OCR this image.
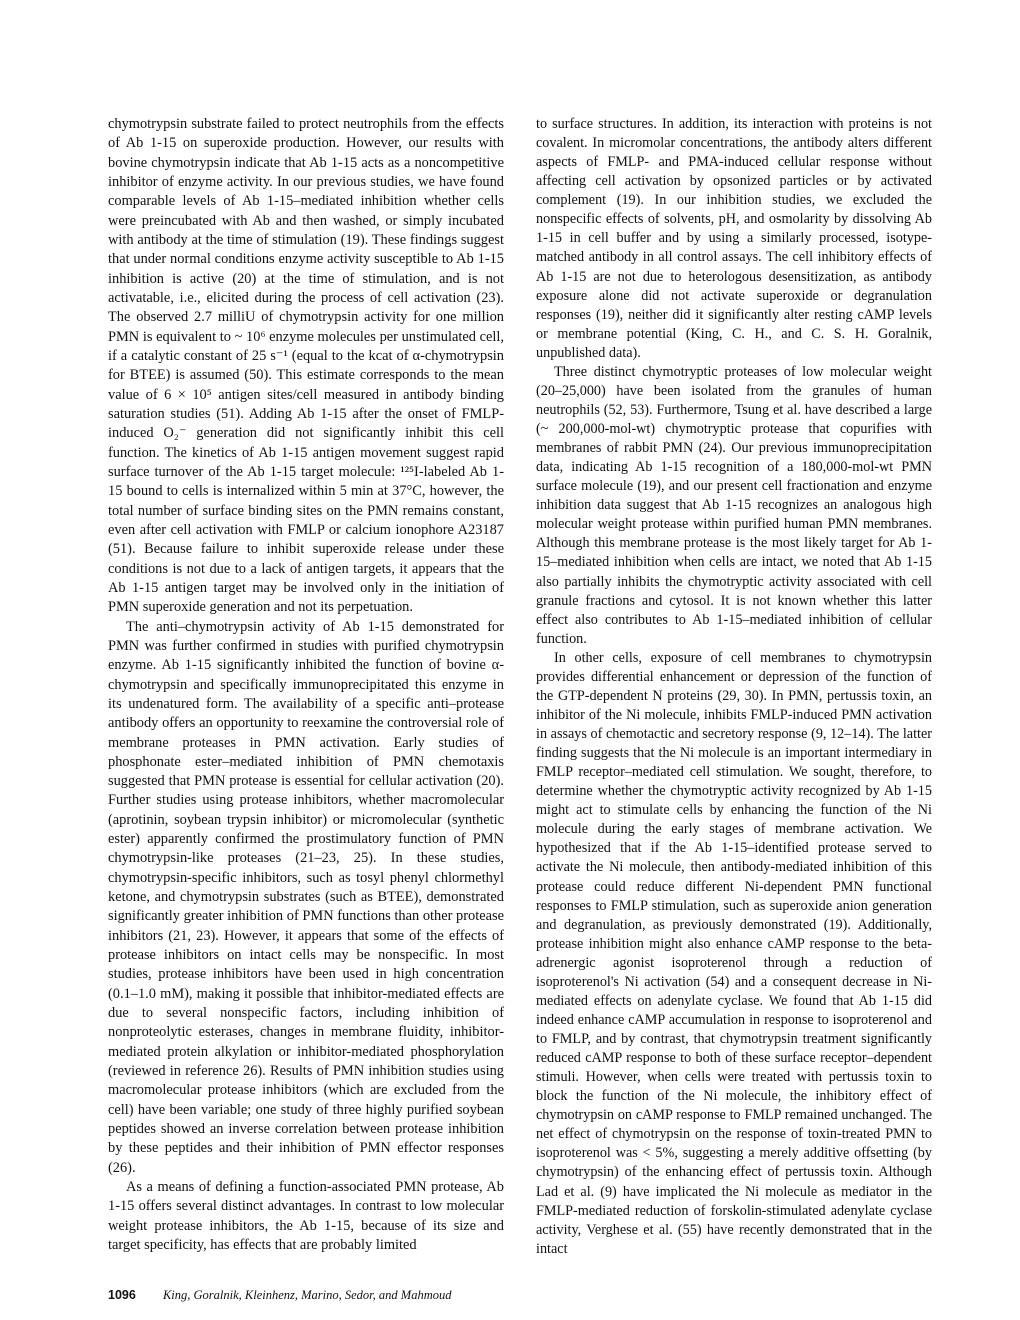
chymotrypsin substrate failed to protect neutrophils from the effects of Ab 1-15 on superoxide production. However, our results with bovine chymotrypsin indicate that Ab 1-15 acts as a noncompetitive inhibitor of enzyme activity. In our previous studies, we have found comparable levels of Ab 1-15–mediated inhibition whether cells were preincubated with Ab and then washed, or simply incubated with antibody at the time of stimulation (19). These findings suggest that under normal conditions enzyme activity susceptible to Ab 1-15 inhibition is active (20) at the time of stimulation, and is not activatable, i.e., elicited during the process of cell activation (23). The observed 2.7 milliU of chymotrypsin activity for one million PMN is equivalent to ~ 10⁶ enzyme molecules per unstimulated cell, if a catalytic constant of 25 s⁻¹ (equal to the kcat of α-chymotrypsin for BTEE) is assumed (50). This estimate corresponds to the mean value of 6 × 10⁵ antigen sites/cell measured in antibody binding saturation studies (51). Adding Ab 1-15 after the onset of FMLP-induced O₂⁻ generation did not significantly inhibit this cell function. The kinetics of Ab 1-15 antigen movement suggest rapid surface turnover of the Ab 1-15 target molecule: ¹²⁵I-labeled Ab 1-15 bound to cells is internalized within 5 min at 37°C, however, the total number of surface binding sites on the PMN remains constant, even after cell activation with FMLP or calcium ionophore A23187 (51). Because failure to inhibit superoxide release under these conditions is not due to a lack of antigen targets, it appears that the Ab 1-15 antigen target may be involved only in the initiation of PMN superoxide generation and not its perpetuation.

The anti–chymotrypsin activity of Ab 1-15 demonstrated for PMN was further confirmed in studies with purified chymotrypsin enzyme. Ab 1-15 significantly inhibited the function of bovine α-chymotrypsin and specifically immunoprecipitated this enzyme in its undenatured form. The availability of a specific anti–protease antibody offers an opportunity to reexamine the controversial role of membrane proteases in PMN activation. Early studies of phosphonate ester–mediated inhibition of PMN chemotaxis suggested that PMN protease is essential for cellular activation (20). Further studies using protease inhibitors, whether macromolecular (aprotinin, soybean trypsin inhibitor) or micromolecular (synthetic ester) apparently confirmed the prostimulatory function of PMN chymotrypsin-like proteases (21–23, 25). In these studies, chymotrypsin-specific inhibitors, such as tosyl phenyl chlormethyl ketone, and chymotrypsin substrates (such as BTEE), demonstrated significantly greater inhibition of PMN functions than other protease inhibitors (21, 23). However, it appears that some of the effects of protease inhibitors on intact cells may be nonspecific. In most studies, protease inhibitors have been used in high concentration (0.1–1.0 mM), making it possible that inhibitor-mediated effects are due to several nonspecific factors, including inhibition of nonproteolytic esterases, changes in membrane fluidity, inhibitor-mediated protein alkylation or inhibitor-mediated phosphorylation (reviewed in reference 26). Results of PMN inhibition studies using macromolecular protease inhibitors (which are excluded from the cell) have been variable; one study of three highly purified soybean peptides showed an inverse correlation between protease inhibition by these peptides and their inhibition of PMN effector responses (26).

As a means of defining a function-associated PMN protease, Ab 1-15 offers several distinct advantages. In contrast to low molecular weight protease inhibitors, the Ab 1-15, because of its size and target specificity, has effects that are probably limited

to surface structures. In addition, its interaction with proteins is not covalent. In micromolar concentrations, the antibody alters different aspects of FMLP- and PMA-induced cellular response without affecting cell activation by opsonized particles or by activated complement (19). In our inhibition studies, we excluded the nonspecific effects of solvents, pH, and osmolarity by dissolving Ab 1-15 in cell buffer and by using a similarly processed, isotype-matched antibody in all control assays. The cell inhibitory effects of Ab 1-15 are not due to heterologous desensitization, as antibody exposure alone did not activate superoxide or degranulation responses (19), neither did it significantly alter resting cAMP levels or membrane potential (King, C. H., and C. S. H. Goralnik, unpublished data).

Three distinct chymotryptic proteases of low molecular weight (20–25,000) have been isolated from the granules of human neutrophils (52, 53). Furthermore, Tsung et al. have described a large (~ 200,000-mol-wt) chymotryptic protease that copurifies with membranes of rabbit PMN (24). Our previous immunoprecipitation data, indicating Ab 1-15 recognition of a 180,000-mol-wt PMN surface molecule (19), and our present cell fractionation and enzyme inhibition data suggest that Ab 1-15 recognizes an analogous high molecular weight protease within purified human PMN membranes. Although this membrane protease is the most likely target for Ab 1-15–mediated inhibition when cells are intact, we noted that Ab 1-15 also partially inhibits the chymotryptic activity associated with cell granule fractions and cytosol. It is not known whether this latter effect also contributes to Ab 1-15–mediated inhibition of cellular function.

In other cells, exposure of cell membranes to chymotrypsin provides differential enhancement or depression of the function of the GTP-dependent N proteins (29, 30). In PMN, pertussis toxin, an inhibitor of the Ni molecule, inhibits FMLP-induced PMN activation in assays of chemotactic and secretory response (9, 12–14). The latter finding suggests that the Ni molecule is an important intermediary in FMLP receptor–mediated cell stimulation. We sought, therefore, to determine whether the chymotryptic activity recognized by Ab 1-15 might act to stimulate cells by enhancing the function of the Ni molecule during the early stages of membrane activation. We hypothesized that if the Ab 1-15–identified protease served to activate the Ni molecule, then antibody-mediated inhibition of this protease could reduce different Ni-dependent PMN functional responses to FMLP stimulation, such as superoxide anion generation and degranulation, as previously demonstrated (19). Additionally, protease inhibition might also enhance cAMP response to the beta-adrenergic agonist isoproterenol through a reduction of isoproterenol's Ni activation (54) and a consequent decrease in Ni-mediated effects on adenylate cyclase. We found that Ab 1-15 did indeed enhance cAMP accumulation in response to isoproterenol and to FMLP, and by contrast, that chymotrypsin treatment significantly reduced cAMP response to both of these surface receptor–dependent stimuli. However, when cells were treated with pertussis toxin to block the function of the Ni molecule, the inhibitory effect of chymotrypsin on cAMP response to FMLP remained unchanged. The net effect of chymotrypsin on the response of toxin-treated PMN to isoproterenol was < 5%, suggesting a merely additive offsetting (by chymotrypsin) of the enhancing effect of pertussis toxin. Although Lad et al. (9) have implicated the Ni molecule as mediator in the FMLP-mediated reduction of forskolin-stimulated adenylate cyclase activity, Verghese et al. (55) have recently demonstrated that in the intact

1096 King, Goralnik, Kleinhenz, Marino, Sedor, and Mahmoud
